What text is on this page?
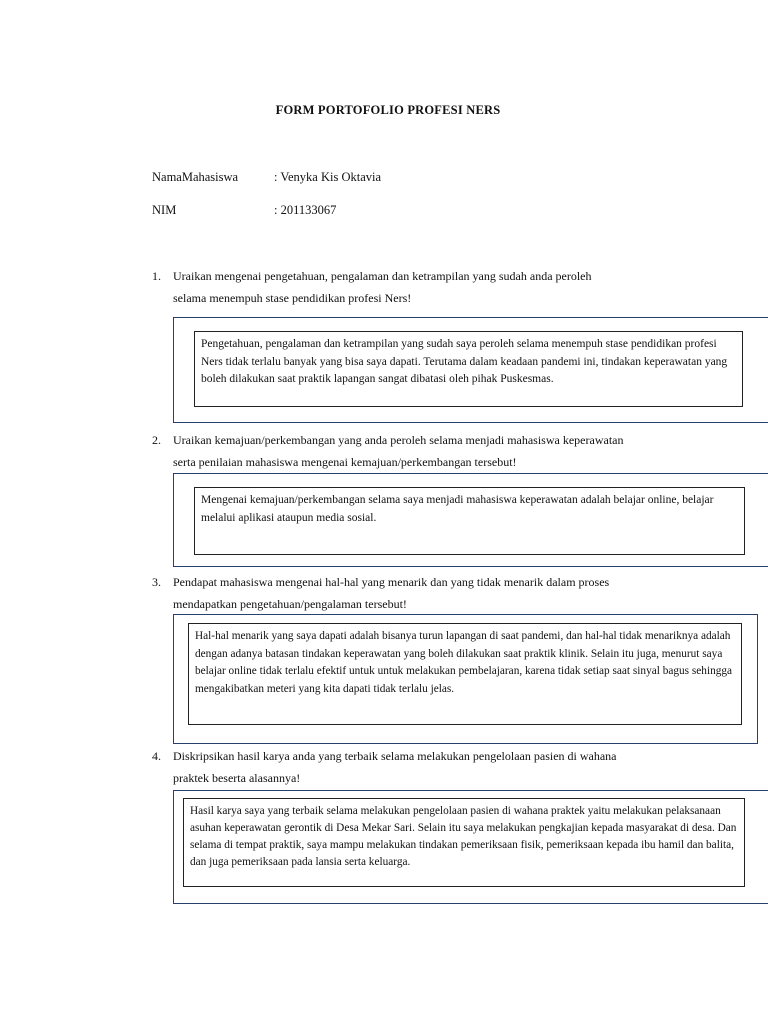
FORM PORTOFOLIO PROFESI NERS
NamaMahasiswa	: Venyka Kis Oktavia
NIM	: 201133067
1. Uraikan mengenai pengetahuan, pengalaman dan ketrampilan yang sudah anda peroleh
selama menempuh stase pendidikan profesi Ners!
Pengetahuan, pengalaman dan ketrampilan yang sudah saya peroleh selama menempuh stase pendidikan profesi Ners tidak terlalu banyak yang bisa saya dapati. Terutama dalam keadaan pandemi ini, tindakan keperawatan yang boleh dilakukan saat praktik lapangan sangat dibatasi oleh pihak Puskesmas.
2. Uraikan kemajuan/perkembangan yang anda peroleh selama menjadi mahasiswa keperawatan
serta penilaian mahasiswa mengenai kemajuan/perkembangan tersebut!
Mengenai kemajuan/perkembangan selama saya menjadi mahasiswa keperawatan adalah belajar online, belajar melalui aplikasi ataupun media sosial.
3. Pendapat mahasiswa mengenai hal-hal yang menarik dan yang tidak menarik dalam proses
mendapatkan pengetahuan/pengalaman tersebut!
Hal-hal menarik yang saya dapati adalah bisanya turun lapangan di saat pandemi, dan hal-hal tidak menariknya adalah dengan adanya batasan tindakan keperawatan yang boleh dilakukan saat praktik klinik. Selain itu juga, menurut saya belajar online tidak terlalu efektif untuk untuk melakukan pembelajaran, karena tidak setiap saat sinyal bagus sehingga mengakibatkan meteri yang kita dapati tidak terlalu jelas.
4. Diskripsikan hasil karya anda yang terbaik selama melakukan pengelolaan pasien di wahana
praktek beserta alasannya!
Hasil karya saya yang terbaik selama melakukan pengelolaan pasien di wahana praktek yaitu melakukan pelaksanaan asuhan keperawatan gerontik di Desa Mekar Sari. Selain itu saya melakukan pengkajian kepada masyarakat di desa. Dan selama di tempat praktik, saya mampu melakukan tindakan pemeriksaan fisik, pemeriksaan kepada ibu hamil dan balita, dan juga pemeriksaan pada lansia serta keluarga.
